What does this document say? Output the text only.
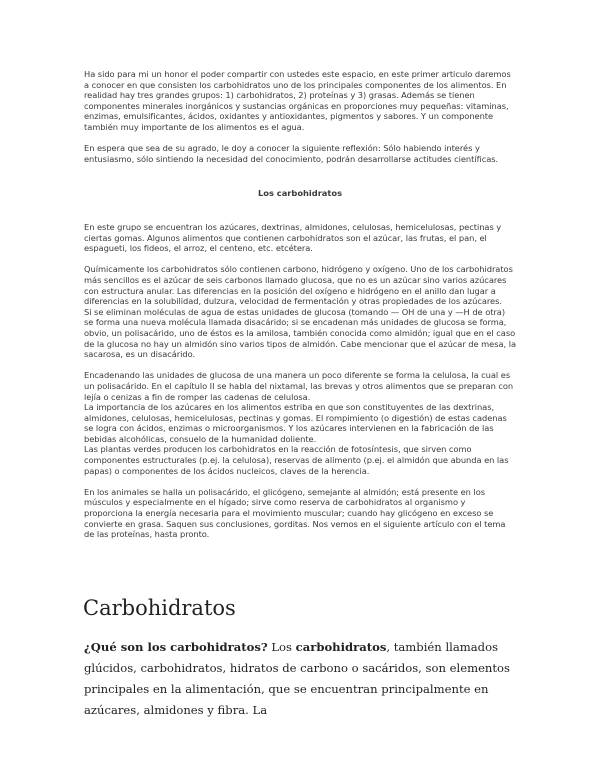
Ha sido para mi un honor el poder compartir con ustedes este espacio, en este primer articulo daremos a conocer en que consisten los carbohidratos uno de los principales componentes de los alimentos. En realidad hay tres grandes grupos: 1) carbohidratos, 2) proteínas y 3) grasas. Además se tienen componentes minerales inorgánicos y sustancias orgánicas en proporciones muy pequeñas: vitaminas, enzimas, emulsificantes, ácidos, oxidantes y antioxidantes, pigmentos y sabores. Y un componente también muy importante de los alimentos es el agua.

En espera que sea de su agrado, le doy a conocer la siguiente reflexión: Sólo habiendo interés y entusiasmo, sólo sintiendo la necesidad del conocimiento, podrán desarrollarse actitudes científicas.

Los carbohidratos

En este grupo se encuentran los azúcares, dextrinas, almidones, celulosas, hemicelulosas, pectinas y ciertas gomas. Algunos alimentos que contienen carbohidratos son el azúcar, las frutas, el pan, el espagueti, los fideos, el arroz, el centeno, etc. etcétera.

Químicamente los carbohidratos sólo contienen carbono, hidrógeno y oxígeno. Uno de los carbohidratos más sencillos es el azúcar de seis carbonos llamado glucosa, que no es un azúcar sino varios azúcares con estructura anular. Las diferencias en la posición del oxígeno e hidrógeno en el anillo dan lugar a diferencias en la solubilidad, dulzura, velocidad de fermentación y otras propiedades de los azúcares.

Si se eliminan moléculas de agua de estas unidades de glucosa (tomando — OH de una y —H de otra) se forma una nueva molécula llamada disacárido; si se encadenan más unidades de glucosa se forma, obvio, un polisacárido, uno de éstos es la amilosa, también conocida como almidón; igual que en el caso de la glucosa no hay un almidón sino varios tipos de almidón. Cabe mencionar que el azúcar de mesa, la sacarosa, es un disacárido.

Encadenando las unidades de glucosa de una manera un poco diferente se forma la celulosa, la cual es un polisacárido. En el capítulo II se habla del nixtamal, las brevas y otros alimentos que se preparan con lejía o cenizas a fin de romper las cadenas de celulosa.

La importancia de los azúcares en los alimentos estriba en que son constituyentes de las dextrinas, almidones, celulosas, hemicelulosas, pectinas y gomas. El rompimiento (o digestión) de estas cadenas se logra con ácidos, enzimas o microorganismos. Y los azúcares intervienen en la fabricación de las bebidas alcohólicas, consuelo de la humanidad doliente.

Las plantas verdes producen los carbohidratos en la reacción de fotosíntesis, que sirven como componentes estructurales (p.ej. la celulosa), reservas de alimento (p.ej. el almidón que abunda en las papas) o componentes de los ácidos nucleicos, claves de la herencia.

En los animales se halla un polisacárido, el glicógeno, semejante al almidón; está presente en los músculos y especialmente en el hígado; sirve como reserva de carbohidratos al organismo y proporciona la energía necesaria para el movimiento muscular; cuando hay glicógeno en exceso se convierte en grasa. Saquen sus conclusiones, gorditas. Nos vemos en el siguiente artículo con el tema de las proteínas, hasta pronto.

Carbohidratos

¿Qué son los carbohidratos? Los carbohidratos, también llamados glúcidos, carbohidratos, hidratos de carbono o sacáridos, son elementos principales en la alimentación, que se encuentran principalmente en azúcares, almidones y fibra. La
